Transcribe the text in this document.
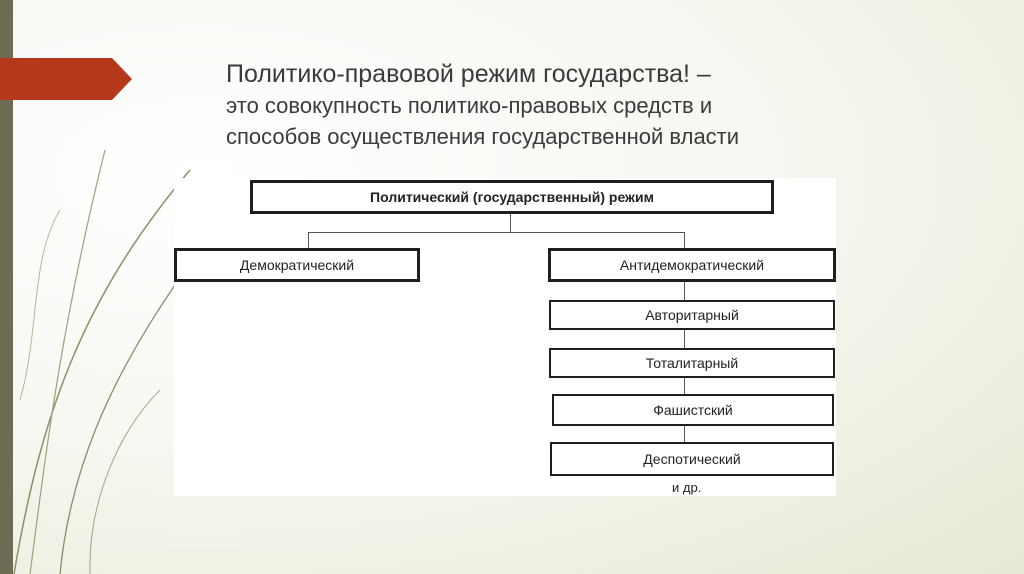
Политико-правовой режим государства! –
это совокупность политико-правовых средств и
способов осуществления государственной власти
Политический (государственный) режим
Демократический	Антидемократический
Авторитарный
Тоталитарный
Фашистский
Деспотический
и др.
